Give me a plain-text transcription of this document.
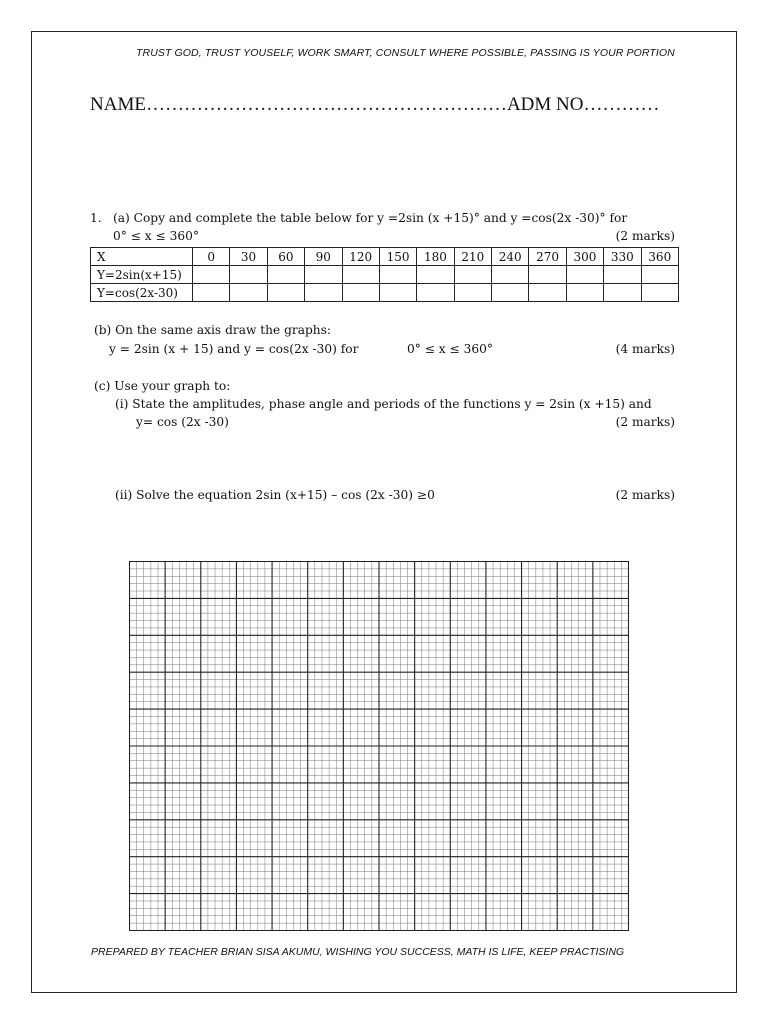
TRUST GOD, TRUST YOUSELF, WORK SMART, CONSULT WHERE POSSIBLE, PASSING IS YOUR PORTION
NAME…………………………………………………ADM NO…………
1. (a) Copy and complete the table below for y =2sin (x +15)° and y =cos(2x -30)° for
0° ≤ x ≤ 360°	(2 marks)
X	0	30	60	90	120	150	180	210	240	270	300	330	360
Y=2sin(x+15)													
Y=cos(2x-30)													
(b) On the same axis draw the graphs:
y = 2sin (x + 15) and y = cos(2x -30) for	0° ≤ x ≤ 360°	(4 marks)
(c) Use your graph to:
(i) State the amplitudes, phase angle and periods of the functions y = 2sin (x +15) and
y= cos (2x -30)	(2 marks)
(ii) Solve the equation 2sin (x+15) – cos (2x -30) ≥0	(2 marks)
PREPARED BY TEACHER BRIAN SISA AKUMU, WISHING YOU SUCCESS, MATH IS LIFE, KEEP PRACTISING
